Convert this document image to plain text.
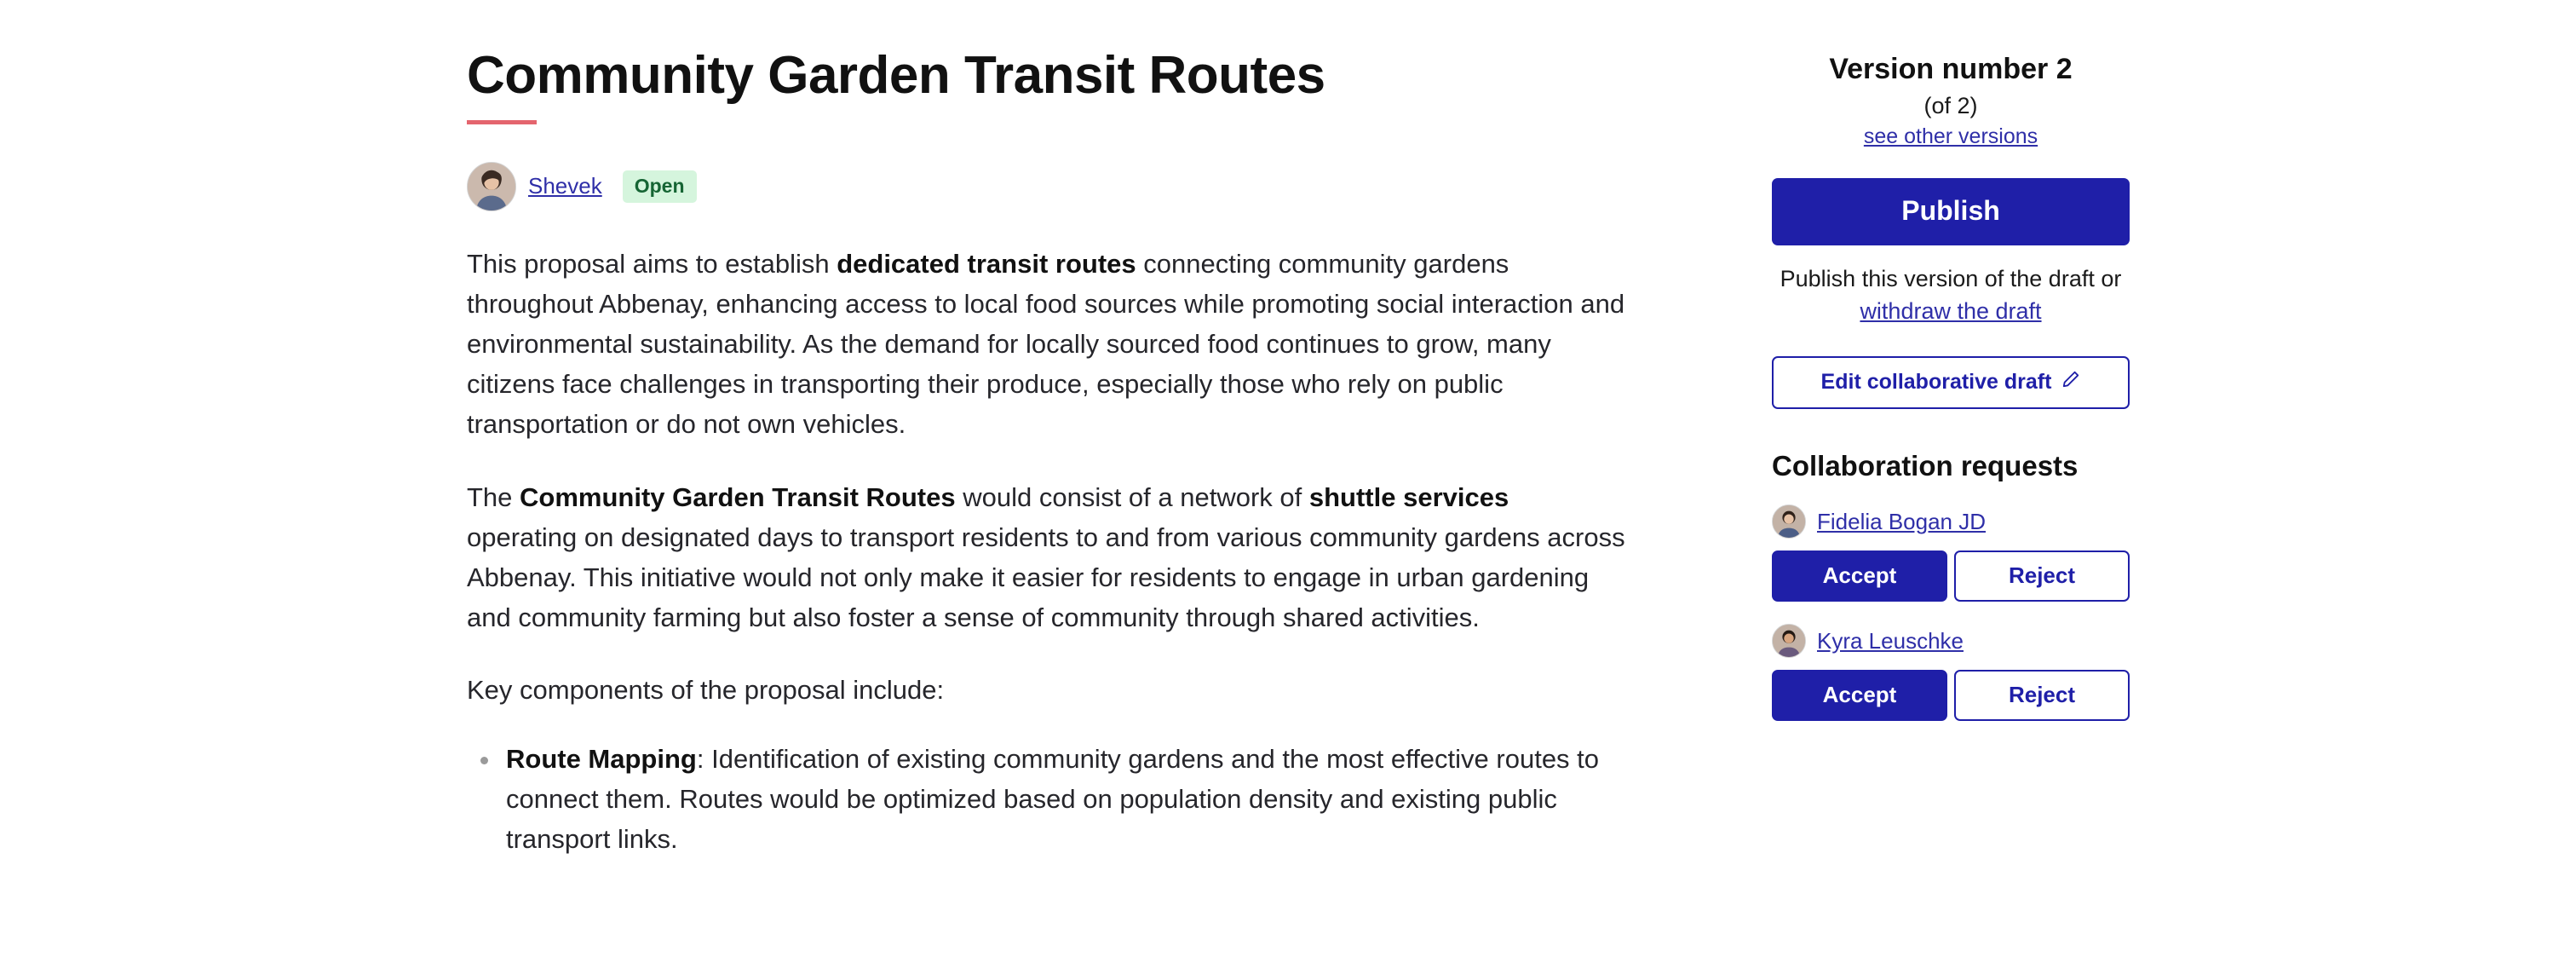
Community Garden Transit Routes
Shevek	Open

This proposal aims to establish dedicated transit routes connecting community gardens throughout Abbenay, enhancing access to local food sources while promoting social interaction and environmental sustainability. As the demand for locally sourced food continues to grow, many citizens face challenges in transporting their produce, especially those who rely on public transportation or do not own vehicles.

The Community Garden Transit Routes would consist of a network of shuttle services operating on designated days to transport residents to and from various community gardens across Abbenay. This initiative would not only make it easier for residents to engage in urban gardening and community farming but also foster a sense of community through shared activities.

Key components of the proposal include:

Route Mapping: Identification of existing community gardens and the most effective routes to connect them. Routes would be optimized based on population density and existing public transport links.
Version number 2
(of 2)
see other versions
Publish
Publish this version of the draft or withdraw the draft
Edit collaborative draft
Collaboration requests
Fidelia Bogan JD
Accept	Reject
Kyra Leuschke
Accept	Reject
